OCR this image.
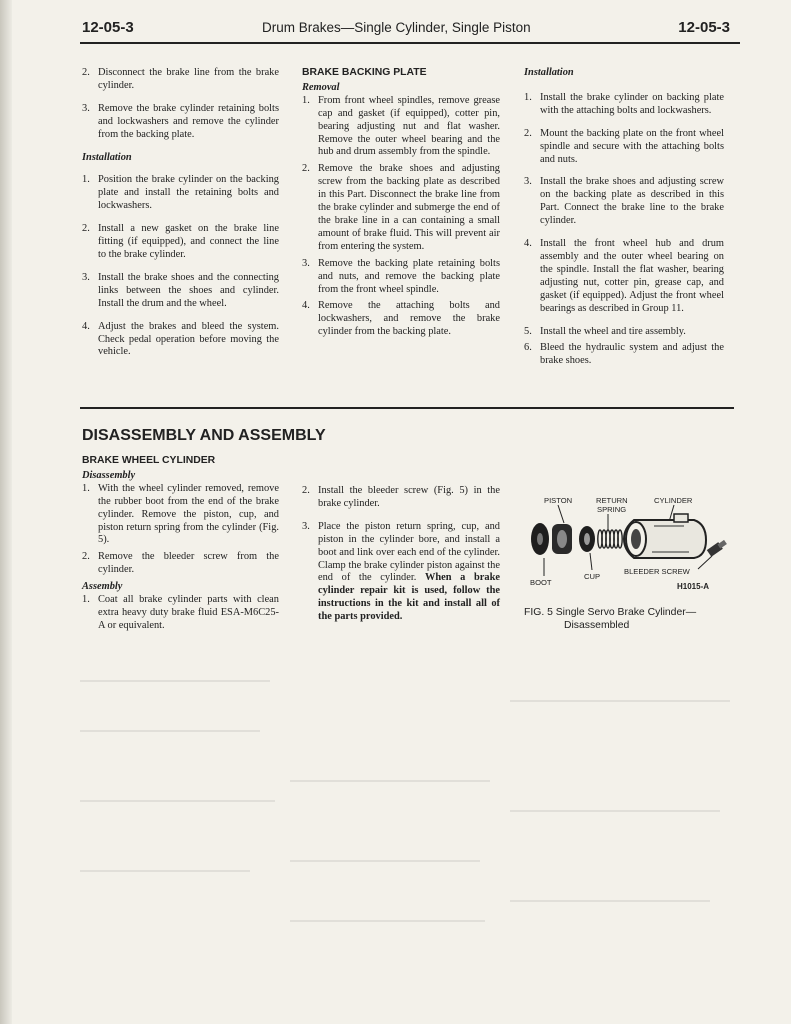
12-05-3	Drum Brakes—Single Cylinder, Single Piston	12-05-3
2. Disconnect the brake line from the brake cylinder.
3. Remove the brake cylinder retaining bolts and lockwashers and remove the cylinder from the backing plate.
Installation
1. Position the brake cylinder on the backing plate and install the retaining bolts and lockwashers.
2. Install a new gasket on the brake line fitting (if equipped), and connect the line to the brake cylinder.
3. Install the brake shoes and the connecting links between the shoes and cylinder. Install the drum and the wheel.
4. Adjust the brakes and bleed the system. Check pedal operation before moving the vehicle.
BRAKE BACKING PLATE
Removal
1. From front wheel spindles, remove grease cap and gasket (if equipped), cotter pin, bearing adjusting nut and flat washer. Remove the outer wheel bearing and the hub and drum assembly from the spindle.
2. Remove the brake shoes and adjusting screw from the backing plate as described in this Part. Disconnect the brake line from the brake cylinder and submerge the end of the brake line in a can containing a small amount of brake fluid. This will prevent air from entering the system.
3. Remove the backing plate retaining bolts and nuts, and remove the backing plate from the front wheel spindle.
4. Remove the attaching bolts and lockwashers, and remove the brake cylinder from the backing plate.
Installation
1. Install the brake cylinder on backing plate with the attaching bolts and lockwashers.
2. Mount the backing plate on the front wheel spindle and secure with the attaching bolts and nuts.
3. Install the brake shoes and adjusting screw on the backing plate as described in this Part. Connect the brake line to the brake cylinder.
4. Install the front wheel hub and drum assembly and the outer wheel bearing on the spindle. Install the flat washer, bearing adjusting nut, cotter pin, grease cap, and gasket (if equipped). Adjust the front wheel bearings as described in Group 11.
5. Install the wheel and tire assembly.
6. Bleed the hydraulic system and adjust the brake shoes.
DISASSEMBLY AND ASSEMBLY
BRAKE WHEEL CYLINDER
Disassembly
1. With the wheel cylinder removed, remove the rubber boot from the end of the brake cylinder. Remove the piston, cup, and piston return spring from the cylinder (Fig. 5).
2. Remove the bleeder screw from the cylinder.
Assembly
1. Coat all brake cylinder parts with clean extra heavy duty brake fluid ESA-M6C25-A or equivalent.
2. Install the bleeder screw (Fig. 5) in the brake cylinder.
3. Place the piston return spring, cup, and piston in the cylinder bore, and install a boot and link over each end of the cylinder. Clamp the brake cylinder piston against the end of the cylinder. When a brake cylinder repair kit is used, follow the instructions in the kit and install all of the parts provided.
PISTON	RETURN
SPRING
CYLINDER
BLEEDER SCREW
BOOT
CUP
H1015-A
FIG. 5 Single Servo Brake Cylinder—
Disassembled
